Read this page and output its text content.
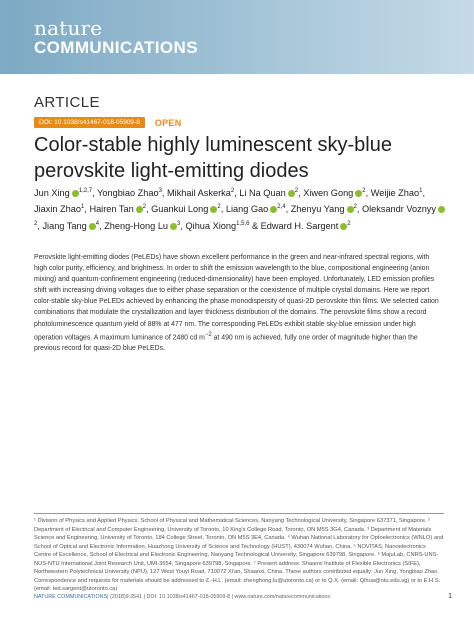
nature
COMMUNICATIONS
ARTICLE
DOI: 10.1038/s41467-018-05909-8	OPEN
Color-stable highly luminescent sky-blue perovskite light-emitting diodes
Jun Xing $^{1,2,7}$, Yongbiao Zhao$^3$, Mikhail Askerka$^2$, Li Na Quan $^2$, Xiwen Gong $^2$, Weijie Zhao$^1$, Jiaxin Zhao$^1$, Hairen Tan $^2$, Guankui Long $^2$, Liang Gao $^{2,4}$, Zhenyu Yang $^2$, Oleksandr Voznyy$^2$, Jiang Tang $^4$, Zheng-Hong Lu $^3$, Qihua Xiong$^{1,5,6}$ & Edward H. Sargent $^2$
Perovskite light-emitting diodes (PeLEDs) have shown excellent performance in the green and near-infrared spectral regions, with high color purity, efficiency, and brightness. In order to shift the emission wavelength to the blue, compositional engineering (anion mixing) and quantum-confinement engineering (reduced-dimensionality) have been employed. Unfortunately, LED emission profiles shift with increasing driving voltages due to either phase separation or the coexistence of multiple crystal domains. Here we report color-stable sky-blue PeLEDs achieved by enhancing the phase monodispersity of quasi-2D perovskite thin films. We selected cation combinations that modulate the crystallization and layer thickness distribution of the domains. The perovskite films show a record photoluminescence quantum yield of 88% at 477 nm. The corresponding PeLEDs exhibit stable sky-blue emission under high operation voltages. A maximum luminance of 2480 cd $m^{-2}$ at 490 nm is achieved, fully one order of magnitude higher than the previous record for quasi-2D blue PeLEDs.
¹ Division of Physics and Applied Physics, School of Physical and Mathematical Sciences, Nanyang Technological University, Singapore 637371, Singapore. ² Department of Electrical and Computer Engineering, University of Toronto, 10 King's College Road, Toronto, ON M5S 3G4, Canada. ³ Department of Materials Science and Engineering, University of Toronto, 184 College Street, Toronto, ON M5S 3E4, Canada. ⁴ Wuhan National Laboratory for Optoelectronics (WNLO) and School of Optical and Electronic Information, Huazhong University of Science and Technology (HUST), 430074 Wuhan, China. ⁵ NOVITAS, Nanoelectronics Centre of Excellence, School of Electrical and Electronic Engineering, Nanyang Technological University, Singapore 639798, Singapore. ⁶ MajuLab, CNRS-UNS-NUS-NTU International Joint Research Unit, UMI-3654, Singapore 639798, Singapore. ⁷ Present address: Shaanxi Institute of Flexible Electronics (SIFE), Northwestern Polytechnical University (NPU), 127 West Youyi Road, 710072 Xi'an, Shaanxi, China. These authors contributed equally: Jun Xing, Yongbiao Zhao. Correspondence and requests for materials should be addressed to Z.-H.L. (email: zhenghong.lu@utoronto.ca) or to Q.X. (email: Qihua@ntu.edu.sg) or to E.H.S. (email: ted.sargent@utoronto.ca)
NATURE COMMUNICATIONS | (2018)9:3541 | DOI: 10.1038/s41467-018-05909-8 | www.nature.com/naturecommunications	1
